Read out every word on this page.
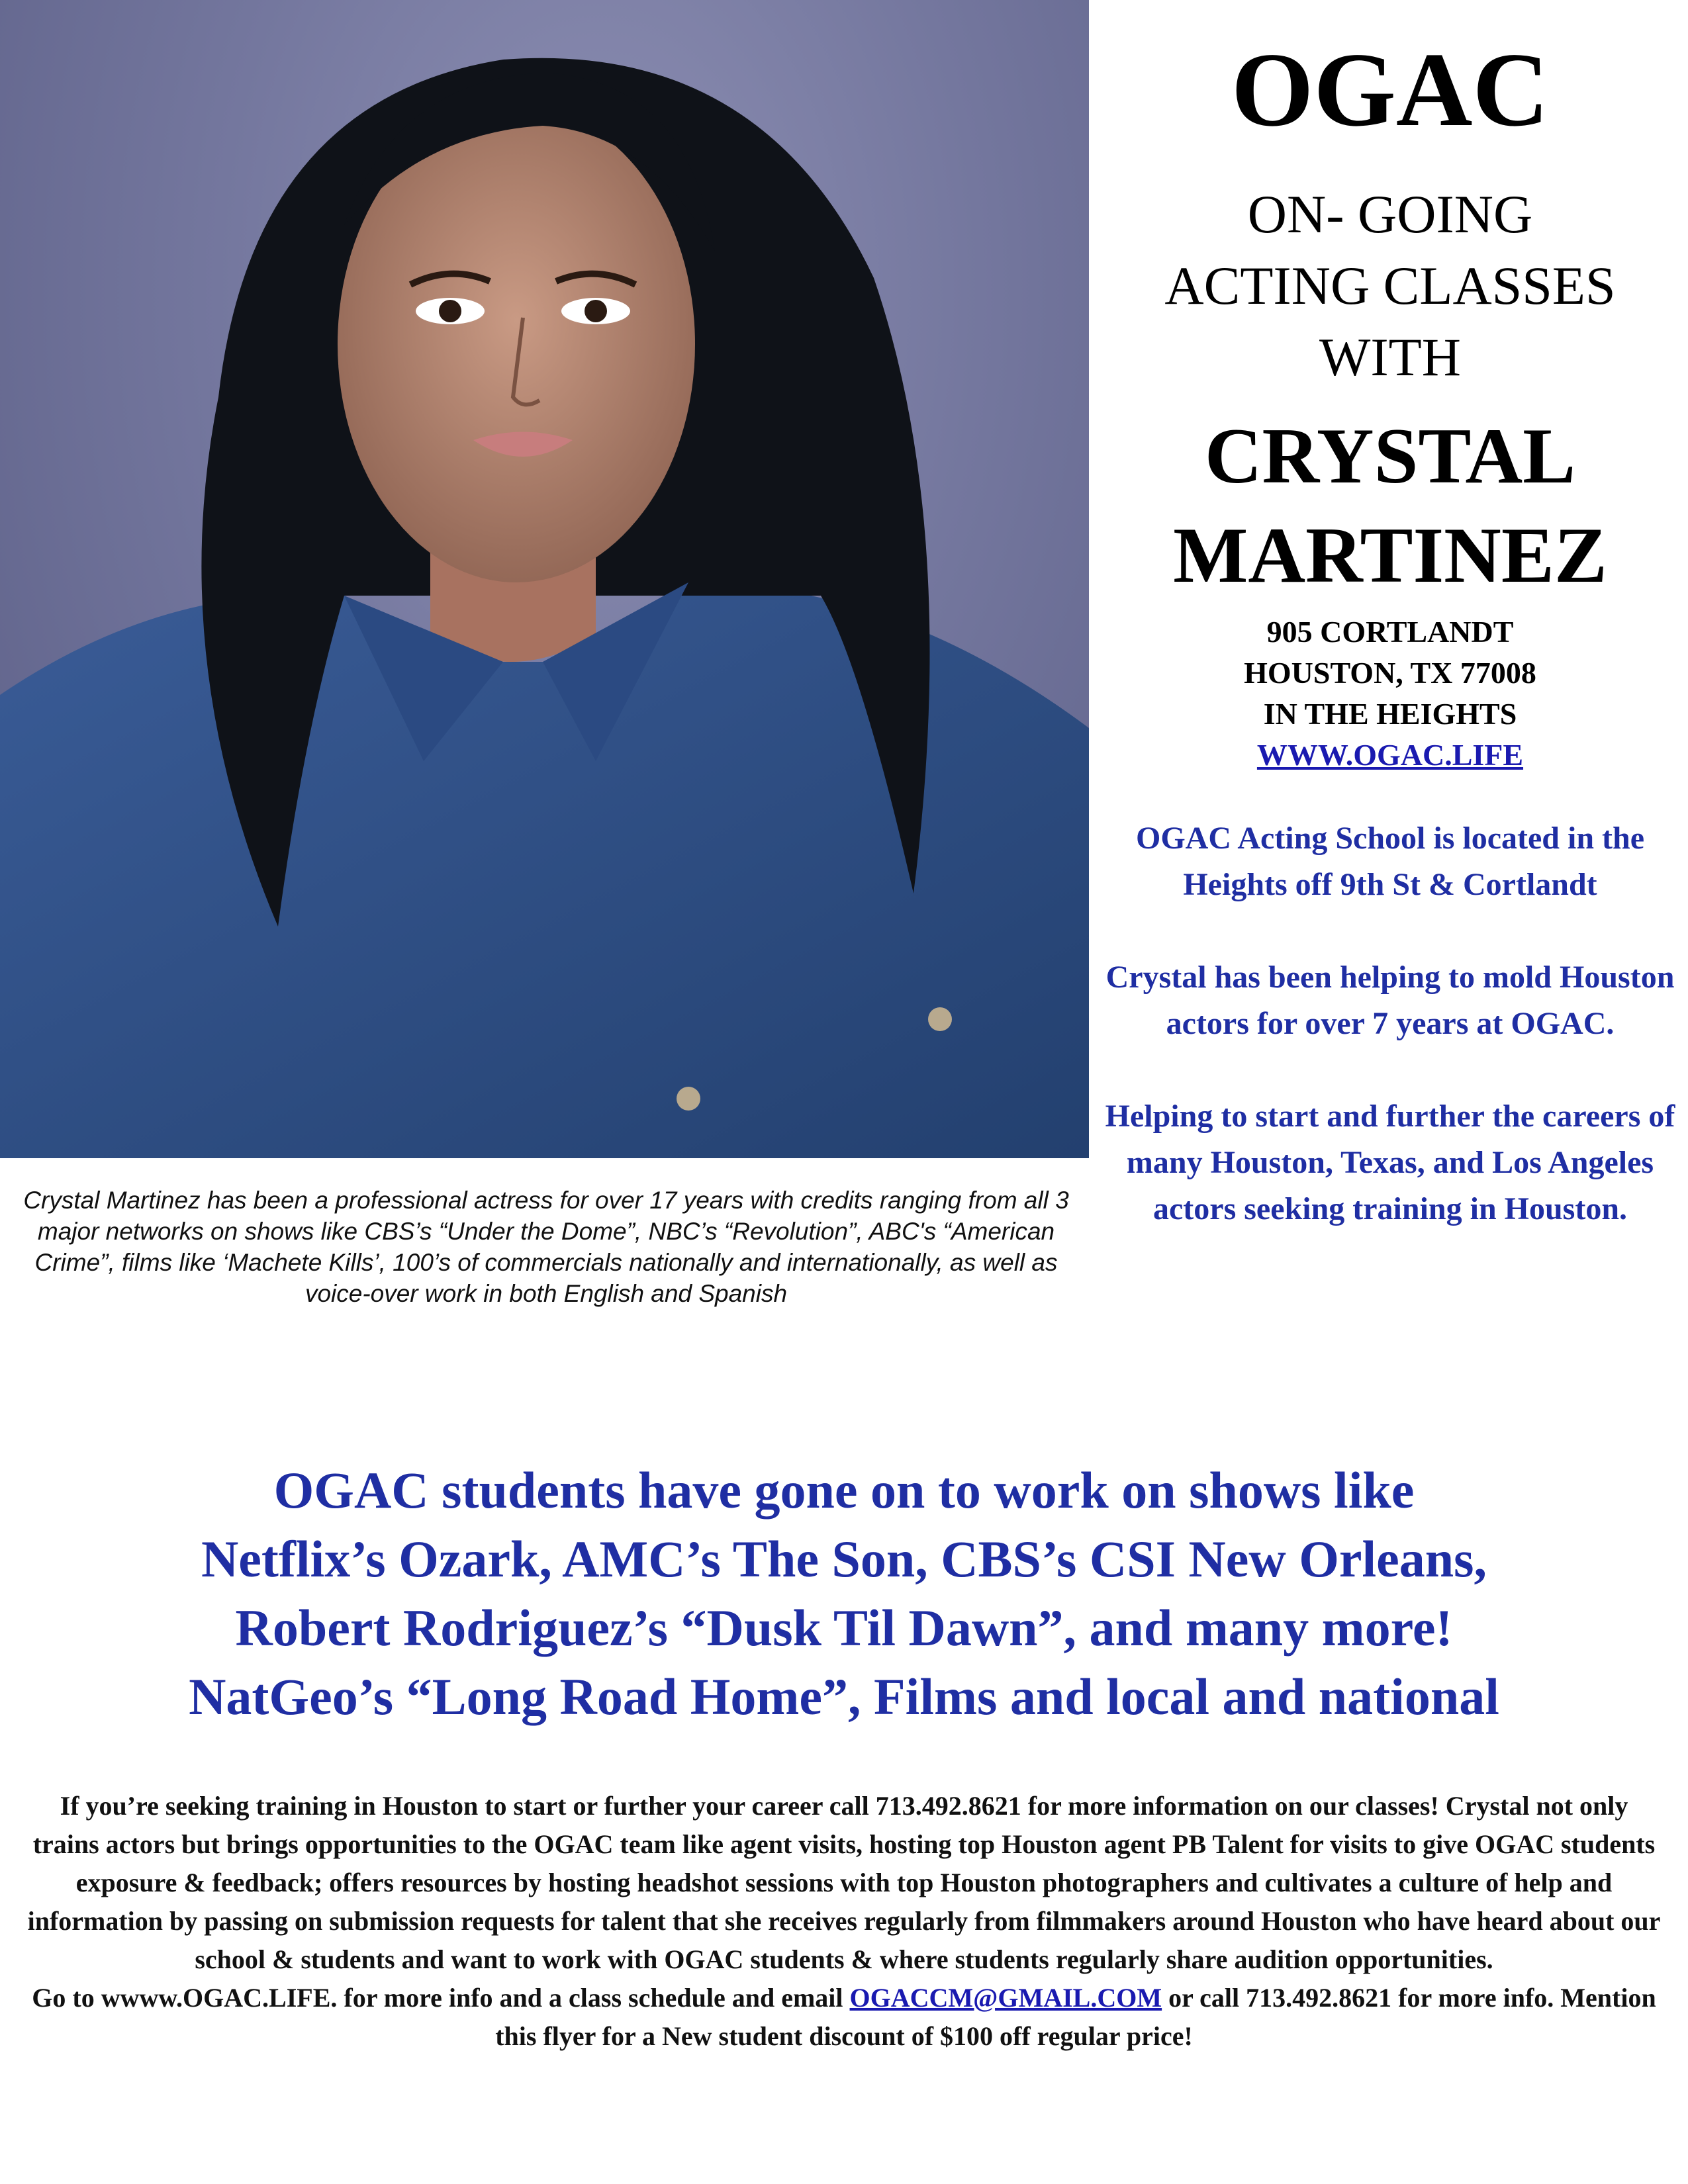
Crystal Martinez has been a professional actress for over 17 years with credits ranging from all 3 major networks on shows like CBS’s “Under the Dome”, NBC’s “Revolution”, ABC's “American Crime”, films like ‘Machete Kills’, 100’s of commercials nationally and internationally, as well as voice-over work in both English and Spanish

OGAC

ON- GOING

ACTING CLASSES

WITH

CRYSTAL

MARTINEZ

905 CORTLANDT

HOUSTON, TX 77008

IN THE HEIGHTS

WWW.OGAC.LIFE

OGAC Acting School is located in the Heights off 9th St & Cortlandt

Crystal has been helping to mold Houston actors for over 7 years at OGAC.

Helping to start and further the careers of many Houston, Texas, and Los Angeles actors seeking training in Houston.

OGAC students have gone on to work on shows like
Netflix’s Ozark, AMC’s The Son, CBS’s CSI New Orleans,
Robert Rodriguez’s “Dusk Til Dawn”, and many more!
NatGeo’s “Long Road Home”, Films and local and national
If you’re seeking training in Houston to start or further your career call 713.492.8621 for more information on our classes! Crystal not only trains actors but brings opportunities to the OGAC team like agent visits, hosting top Houston agent PB Talent for visits to give OGAC students exposure & feedback; offers resources by hosting headshot sessions with top Houston photographers and cultivates a culture of help and information by passing on submission requests for talent that she receives regularly from filmmakers around Houston who have heard about our school & students and want to work with OGAC students & where students regularly share audition opportunities.
Go to wwww.OGAC.LIFE. for more info and a class schedule and email OGACCM@GMAIL.COM or call 713.492.8621 for more info. Mention this flyer for a New student discount of $100 off regular price!
